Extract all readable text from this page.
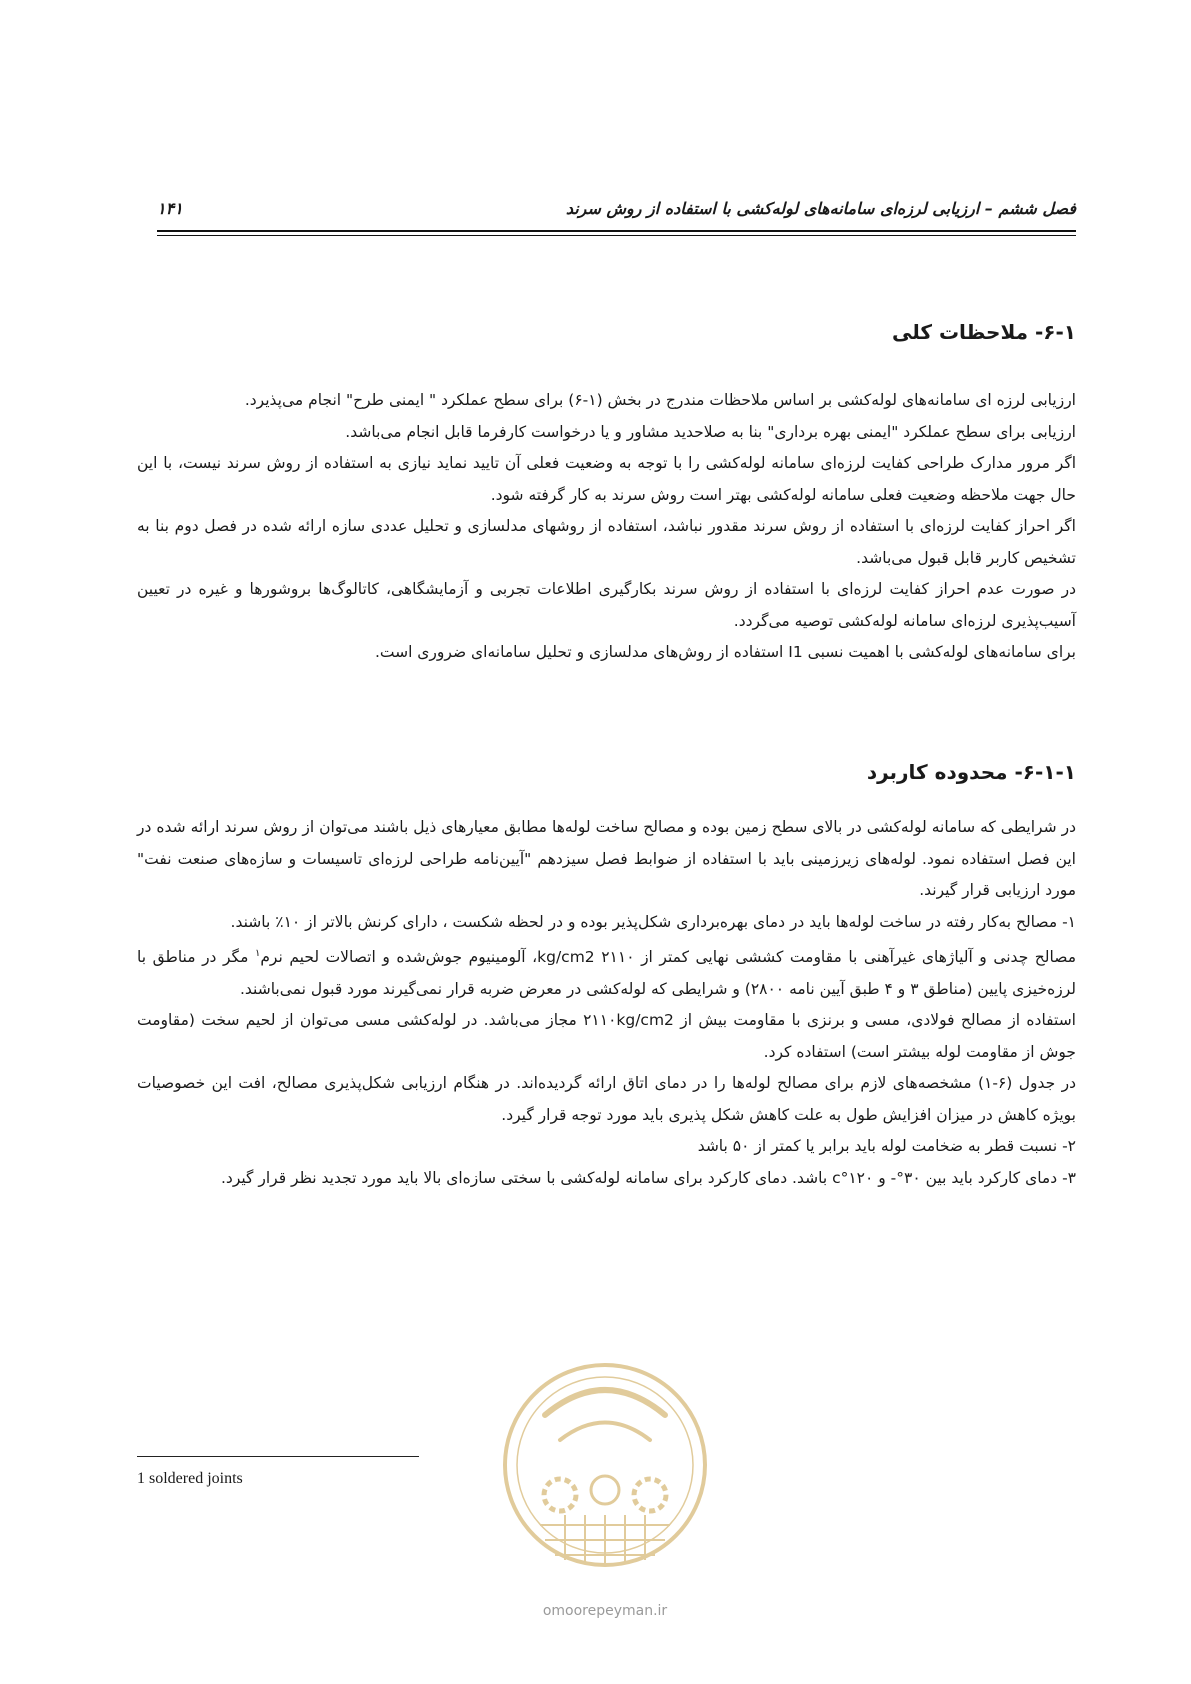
فصل ششم – ارزیابی لرزه‌ای سامانه‌های لوله‌کشی با استفاده از روش سرند
۱۴۱
۶-۱- ملاحظات کلی

ارزیابی لرزه ای سامانه‌های لوله‌کشی بر اساس ملاحظات مندرج در بخش (۱-۶) برای سطح عملکرد " ایمنی طرح" انجام می‌پذیرد.

ارزیابی برای سطح عملکرد "ایمنی بهره برداری" بنا به صلاحدید مشاور و یا درخواست کارفرما قابل انجام می‌باشد.

اگر مرور مدارک طراحی کفایت لرزه‌ای سامانه لوله‌کشی را با توجه به وضعیت فعلی آن تایید نماید نیازی به استفاده از روش سرند نیست، با این حال جهت ملاحظه وضعیت فعلی سامانه لوله‌کشی بهتر است روش سرند به کار گرفته شود.

اگر احراز کفایت لرزه‌ای با استفاده از روش سرند مقدور نباشد، استفاده از روشهای مدلسازی و تحلیل عددی سازه ارائه شده در فصل دوم بنا به تشخیص کاربر قابل قبول می‌باشد.

در صورت عدم احراز کفایت لرزه‌ای با استفاده از روش سرند بکارگیری اطلاعات تجربی و آزمایشگاهی، کاتالوگ‌ها بروشورها و غیره در تعیین آسیب‌پذیری لرزه‌ای سامانه لوله‌کشی توصیه می‌گردد.

برای سامانه‌های لوله‌کشی با اهمیت نسبی I1 استفاده از روش‌های مدلسازی و تحلیل سامانه‌ای ضروری است.

۶-۱-۱- محدوده کاربرد

در شرایطی که سامانه لوله‌کشی در بالای سطح زمین بوده و مصالح ساخت لوله‌ها مطابق معیارهای ذیل باشند می‌توان از روش سرند ارائه شده در این فصل استفاده نمود. لوله‌های زیرزمینی باید با استفاده از ضوابط فصل سیزدهم "آیین‌نامه طراحی لرزه‌ای تاسیسات و سازه‌های صنعت نفت" مورد ارزیابی قرار گیرند.

۱- مصالح به‌کار رفته در ساخت لوله‌ها باید در دمای بهره‌برداری شکل‌پذیر بوده و در لحظه شکست ، دارای کرنش بالاتر از ۱۰٪ باشند.

مصالح چدنی و آلیاژهای غیرآهنی با مقاومت کششی نهایی کمتر از ۲۱۱۰ kg/cm2، آلومینیوم جوش‌شده و اتصالات لحیم نرم$^۱$ مگر در مناطق با لرزه‌خیزی پایین (مناطق ۳ و ۴ طبق آیین نامه ۲۸۰۰) و شرایطی که لوله‌کشی در معرض ضربه قرار نمی‌گیرند مورد قبول نمی‌باشند.

استفاده از مصالح فولادی، مسی و برنزی با مقاومت بیش از ۲۱۱۰kg/cm2 مجاز می‌باشد. در لوله‌کشی مسی می‌توان از لحیم سخت (مقاومت جوش از مقاومت لوله بیشتر است) استفاده کرد.

در جدول (۶-۱) مشخصه‌های لازم برای مصالح لوله‌ها را در دمای اتاق ارائه گردیده‌اند. در هنگام ارزیابی شکل‌پذیری مصالح، افت این خصوصیات بویژه کاهش در میزان افزایش طول به علت کاهش شکل پذیری باید مورد توجه قرار گیرد.

۲- نسبت قطر به ضخامت لوله باید برابر یا کمتر از ۵۰ باشد

۳- دمای کارکرد باید بین ۳۰°- و ۱۲۰°c باشد. دمای کارکرد برای سامانه لوله‌کشی با سختی سازه‌ای بالا باید مورد تجدید نظر قرار گیرد.

omoorepeyman.ir
1 soldered joints
